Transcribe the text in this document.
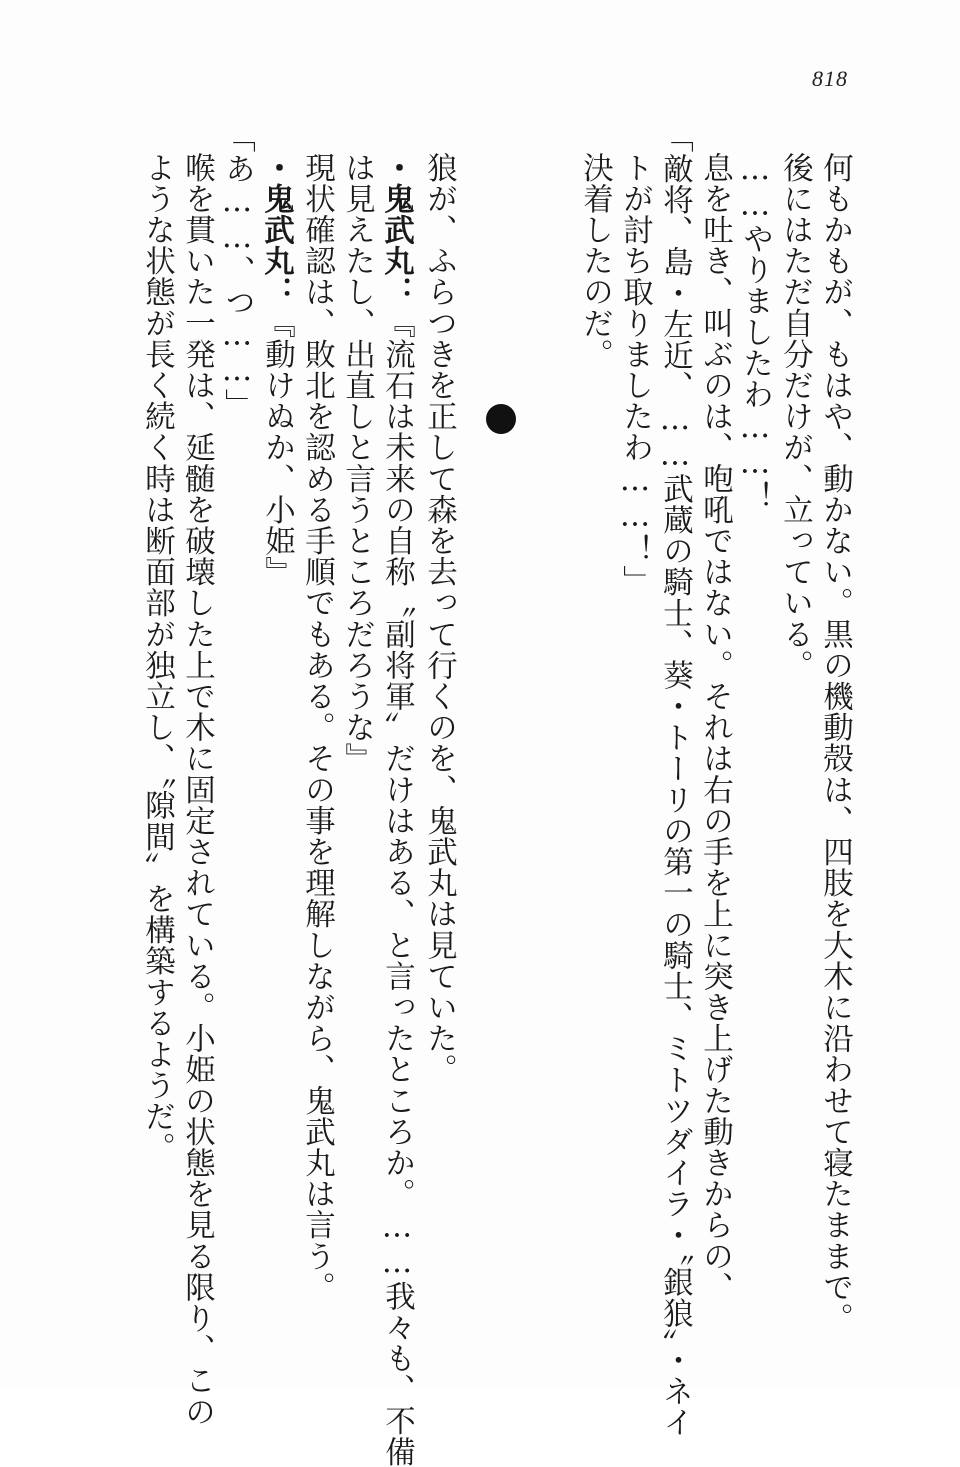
818
何もかもが、もはや、動かない。黒の機動殻は、四肢を大木に沿わせて寝たままで。
後にはただ自分だけが、立っている。
……やりましたわ……！
息を吐き、叫ぶのは、咆吼ではない。それは右の手を上に突き上げた動きからの、
「敵将、島・左近、……武蔵の騎士、葵・トーリの第一の騎士、ミトツダイラ・〝銀狼〟・ネイ
トが討ち取りましたわ……！」
決着したのだ。
狼が、ふらつきを正して森を去って行くのを、鬼武丸は見ていた。
・鬼武丸：『流石は未来の自称〝副将軍〟だけはある、と言ったところか。……我々も、不備
は見えたし、出直しと言うところだろうな』
現状確認は、敗北を認める手順でもある。その事を理解しながら、鬼武丸は言う。
・鬼武丸：『動けぬか、小姫』
「あ……、つ……」
喉を貫いた一発は、延髄を破壊した上で木に固定されている。小姫の状態を見る限り、この
ような状態が長く続く時は断面部が独立し、〝隙間〟を構築するようだ。
